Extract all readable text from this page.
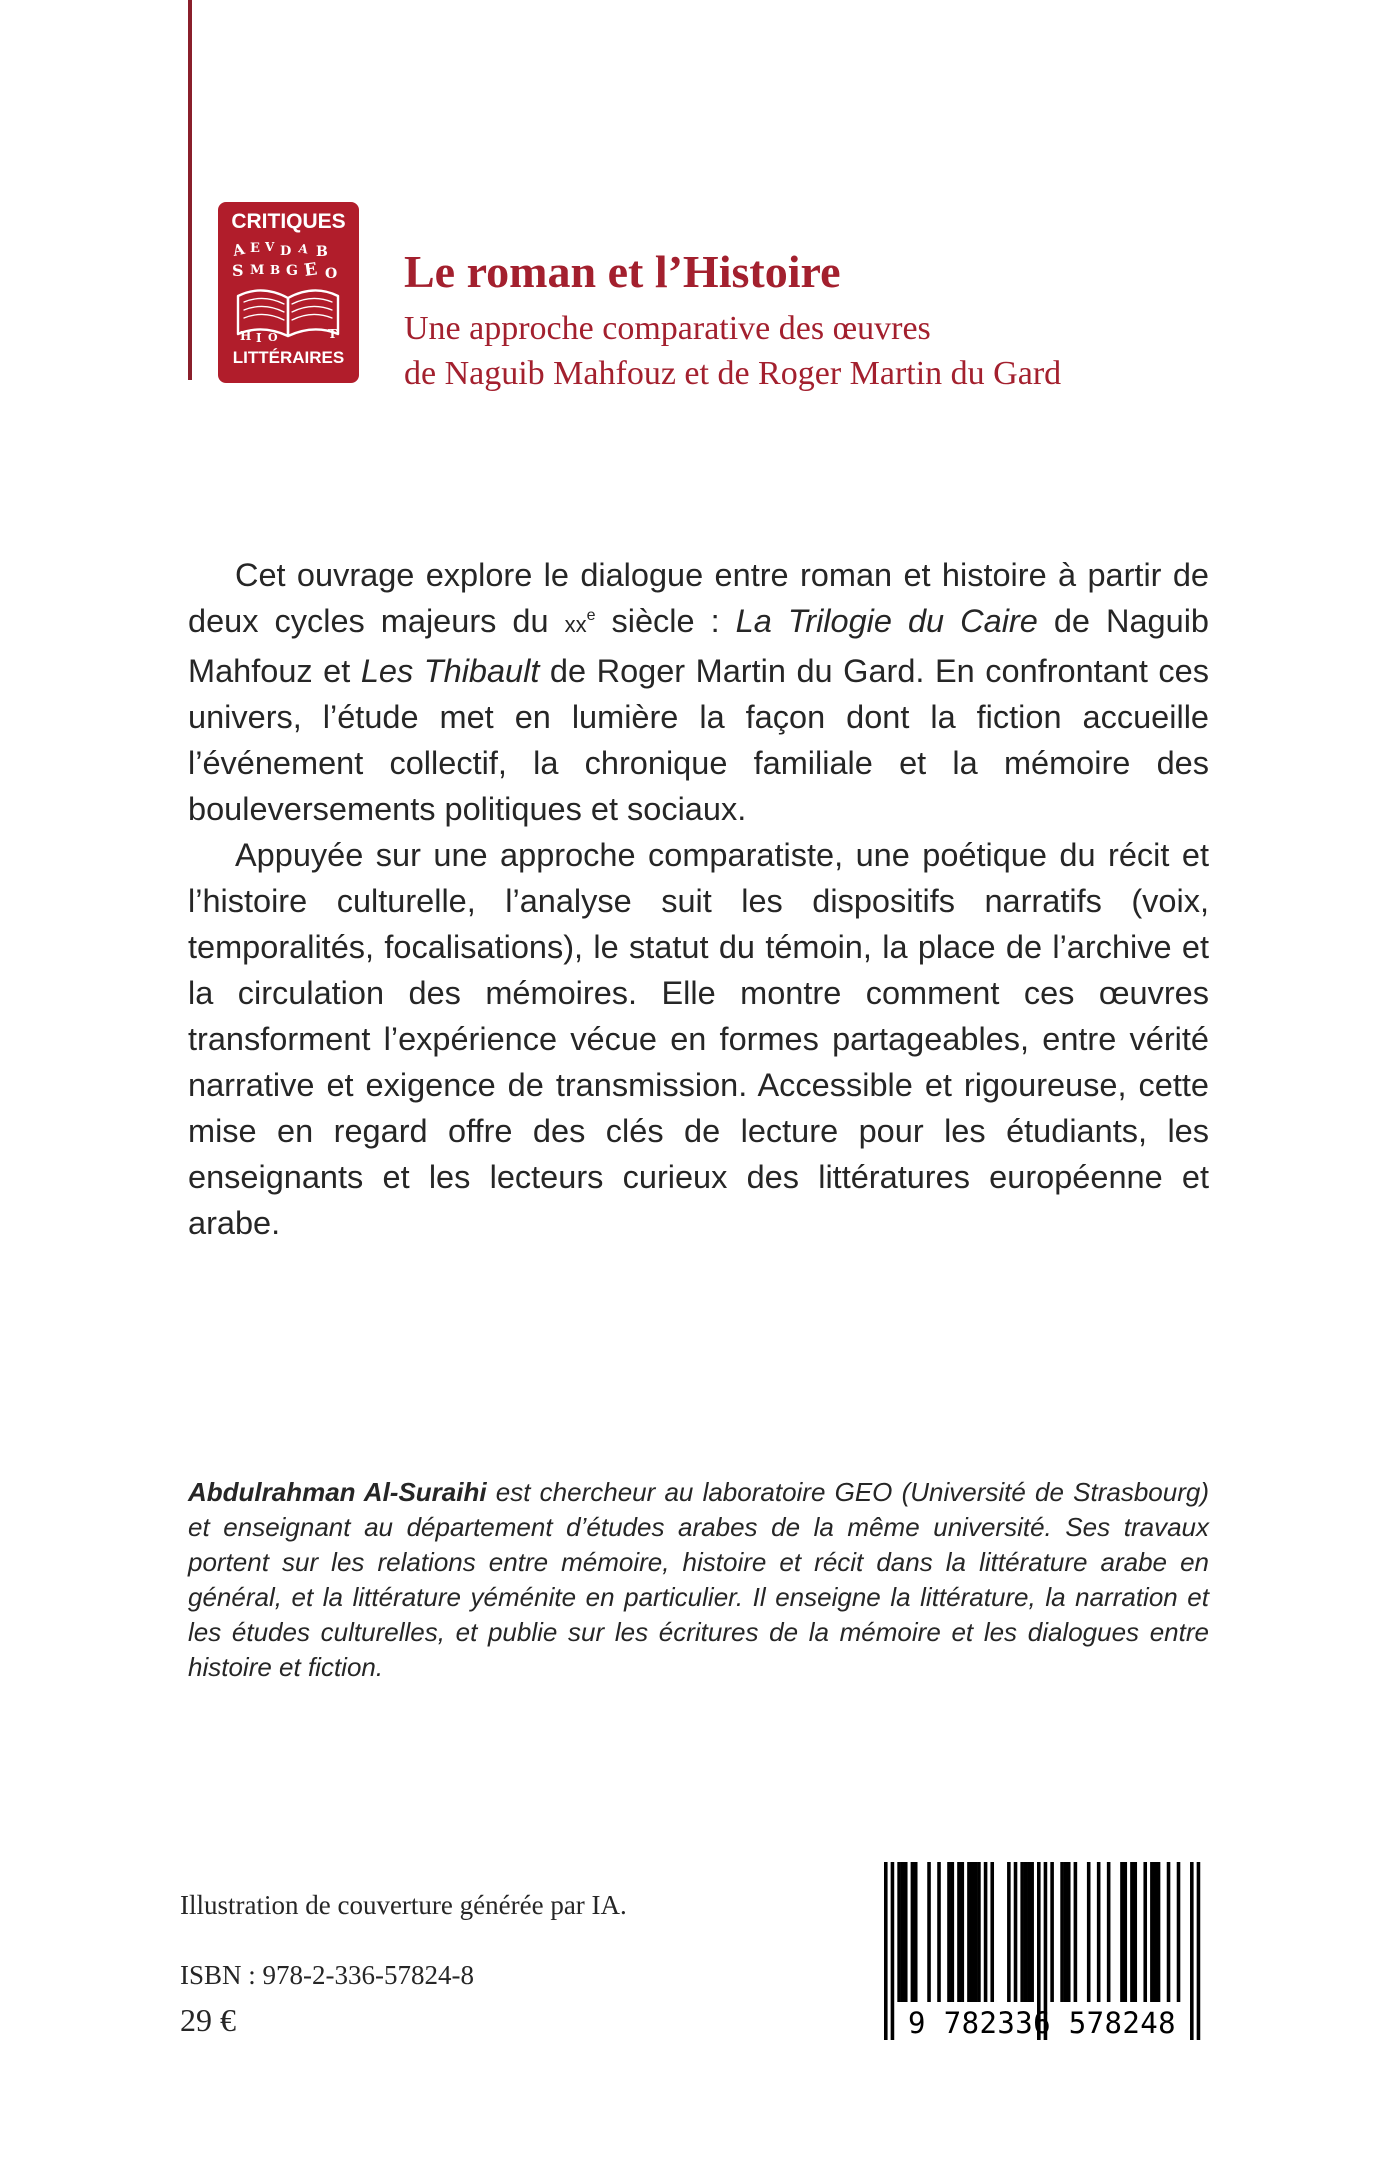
CRITIQUES
A E V D A B
S M B G E O
H I O	T
LITTÉRAIRES
Le roman et l’Histoire
Une approche comparative des œuvres
de Naguib Mahfouz et de Roger Martin du Gard

Cet ouvrage explore le dialogue entre roman et histoire à partir de deux cycles majeurs du $xx^e$ siècle : La Trilogie du Caire de Naguib Mahfouz et Les Thibault de Roger Martin du Gard. En confrontant ces univers, l’étude met en lumière la façon dont la fiction accueille l’événement collectif, la chronique familiale et la mémoire des bouleversements politiques et sociaux.

Appuyée sur une approche comparatiste, une poétique du récit et l’histoire culturelle, l’analyse suit les dispositifs narratifs (voix, temporalités, focalisations), le statut du témoin, la place de l’archive et la circulation des mémoires. Elle montre comment ces œuvres transforment l’expérience vécue en formes partageables, entre vérité narrative et exigence de transmission. Accessible et rigoureuse, cette mise en regard offre des clés de lecture pour les étudiants, les enseignants et les lecteurs curieux des littératures européenne et arabe.

Abdulrahman Al-Suraihi est chercheur au laboratoire GEO (Université de Strasbourg) et enseignant au département d’études arabes de la même université. Ses travaux portent sur les relations entre mémoire, histoire et récit dans la littérature arabe en général, et la littérature yéménite en particulier. Il enseigne la littérature, la narration et les études culturelles, et publie sur les écritures de la mémoire et les dialogues entre histoire et fiction.

Illustration de couverture générée par IA.
ISBN : 978-2-336-57824-8
29 €	9 782336 578248
